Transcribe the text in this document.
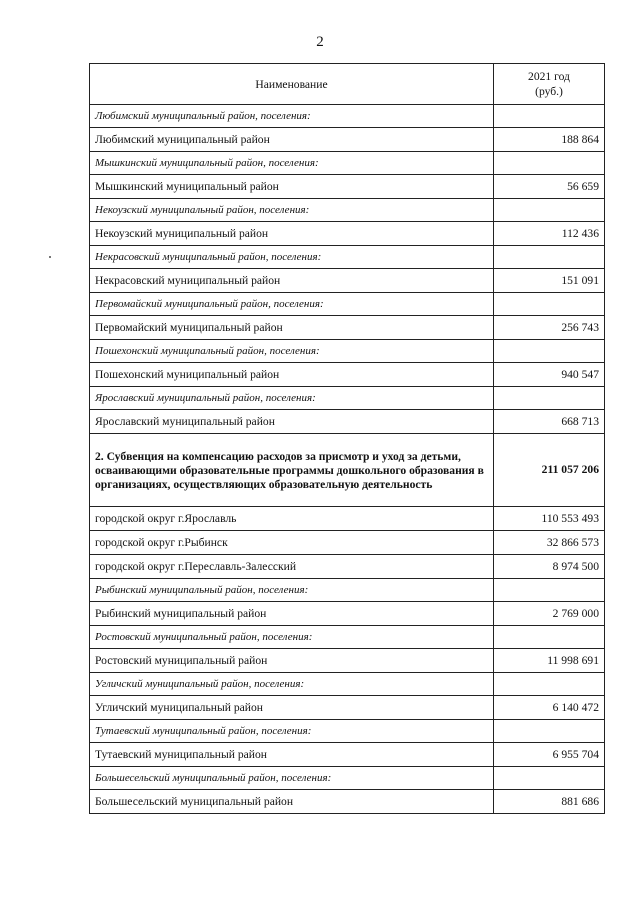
2
Наименование	2021 год
(руб.)
Любимский муниципальный район, поселения:	
Любимский муниципальный район	188 864
Мышкинский муниципальный район, поселения:	
Мышкинский муниципальный район	56 659
Некоузский муниципальный район, поселения:	
Некоузский муниципальный район	112 436
Некрасовский муниципальный район, поселения:	
Некрасовский муниципальный район	151 091
Первомайский муниципальный район, поселения:	
Первомайский муниципальный район	256 743
Пошехонский муниципальный район, поселения:	
Пошехонский муниципальный район	940 547
Ярославский муниципальный район, поселения:	
Ярославский муниципальный район	668 713
2. Субвенция на компенсацию расходов за присмотр и уход за детьми, осваивающими образовательные программы дошкольного образования в организациях, осуществляющих образовательную деятельность	211 057 206
городской округ г.Ярославль	110 553 493
городской округ г.Рыбинск	32 866 573
городской округ г.Переславль-Залесский	8 974 500
Рыбинский муниципальный район, поселения:	
Рыбинский муниципальный район	2 769 000
Ростовский муниципальный район, поселения:	
Ростовский муниципальный район	11 998 691
Угличский муниципальный район, поселения:	
Угличский муниципальный район	6 140 472
Тутаевский муниципальный район, поселения:	
Тутаевский муниципальный район	6 955 704
Большесельский муниципальный район, поселения:	
Большесельский муниципальный район	881 686
